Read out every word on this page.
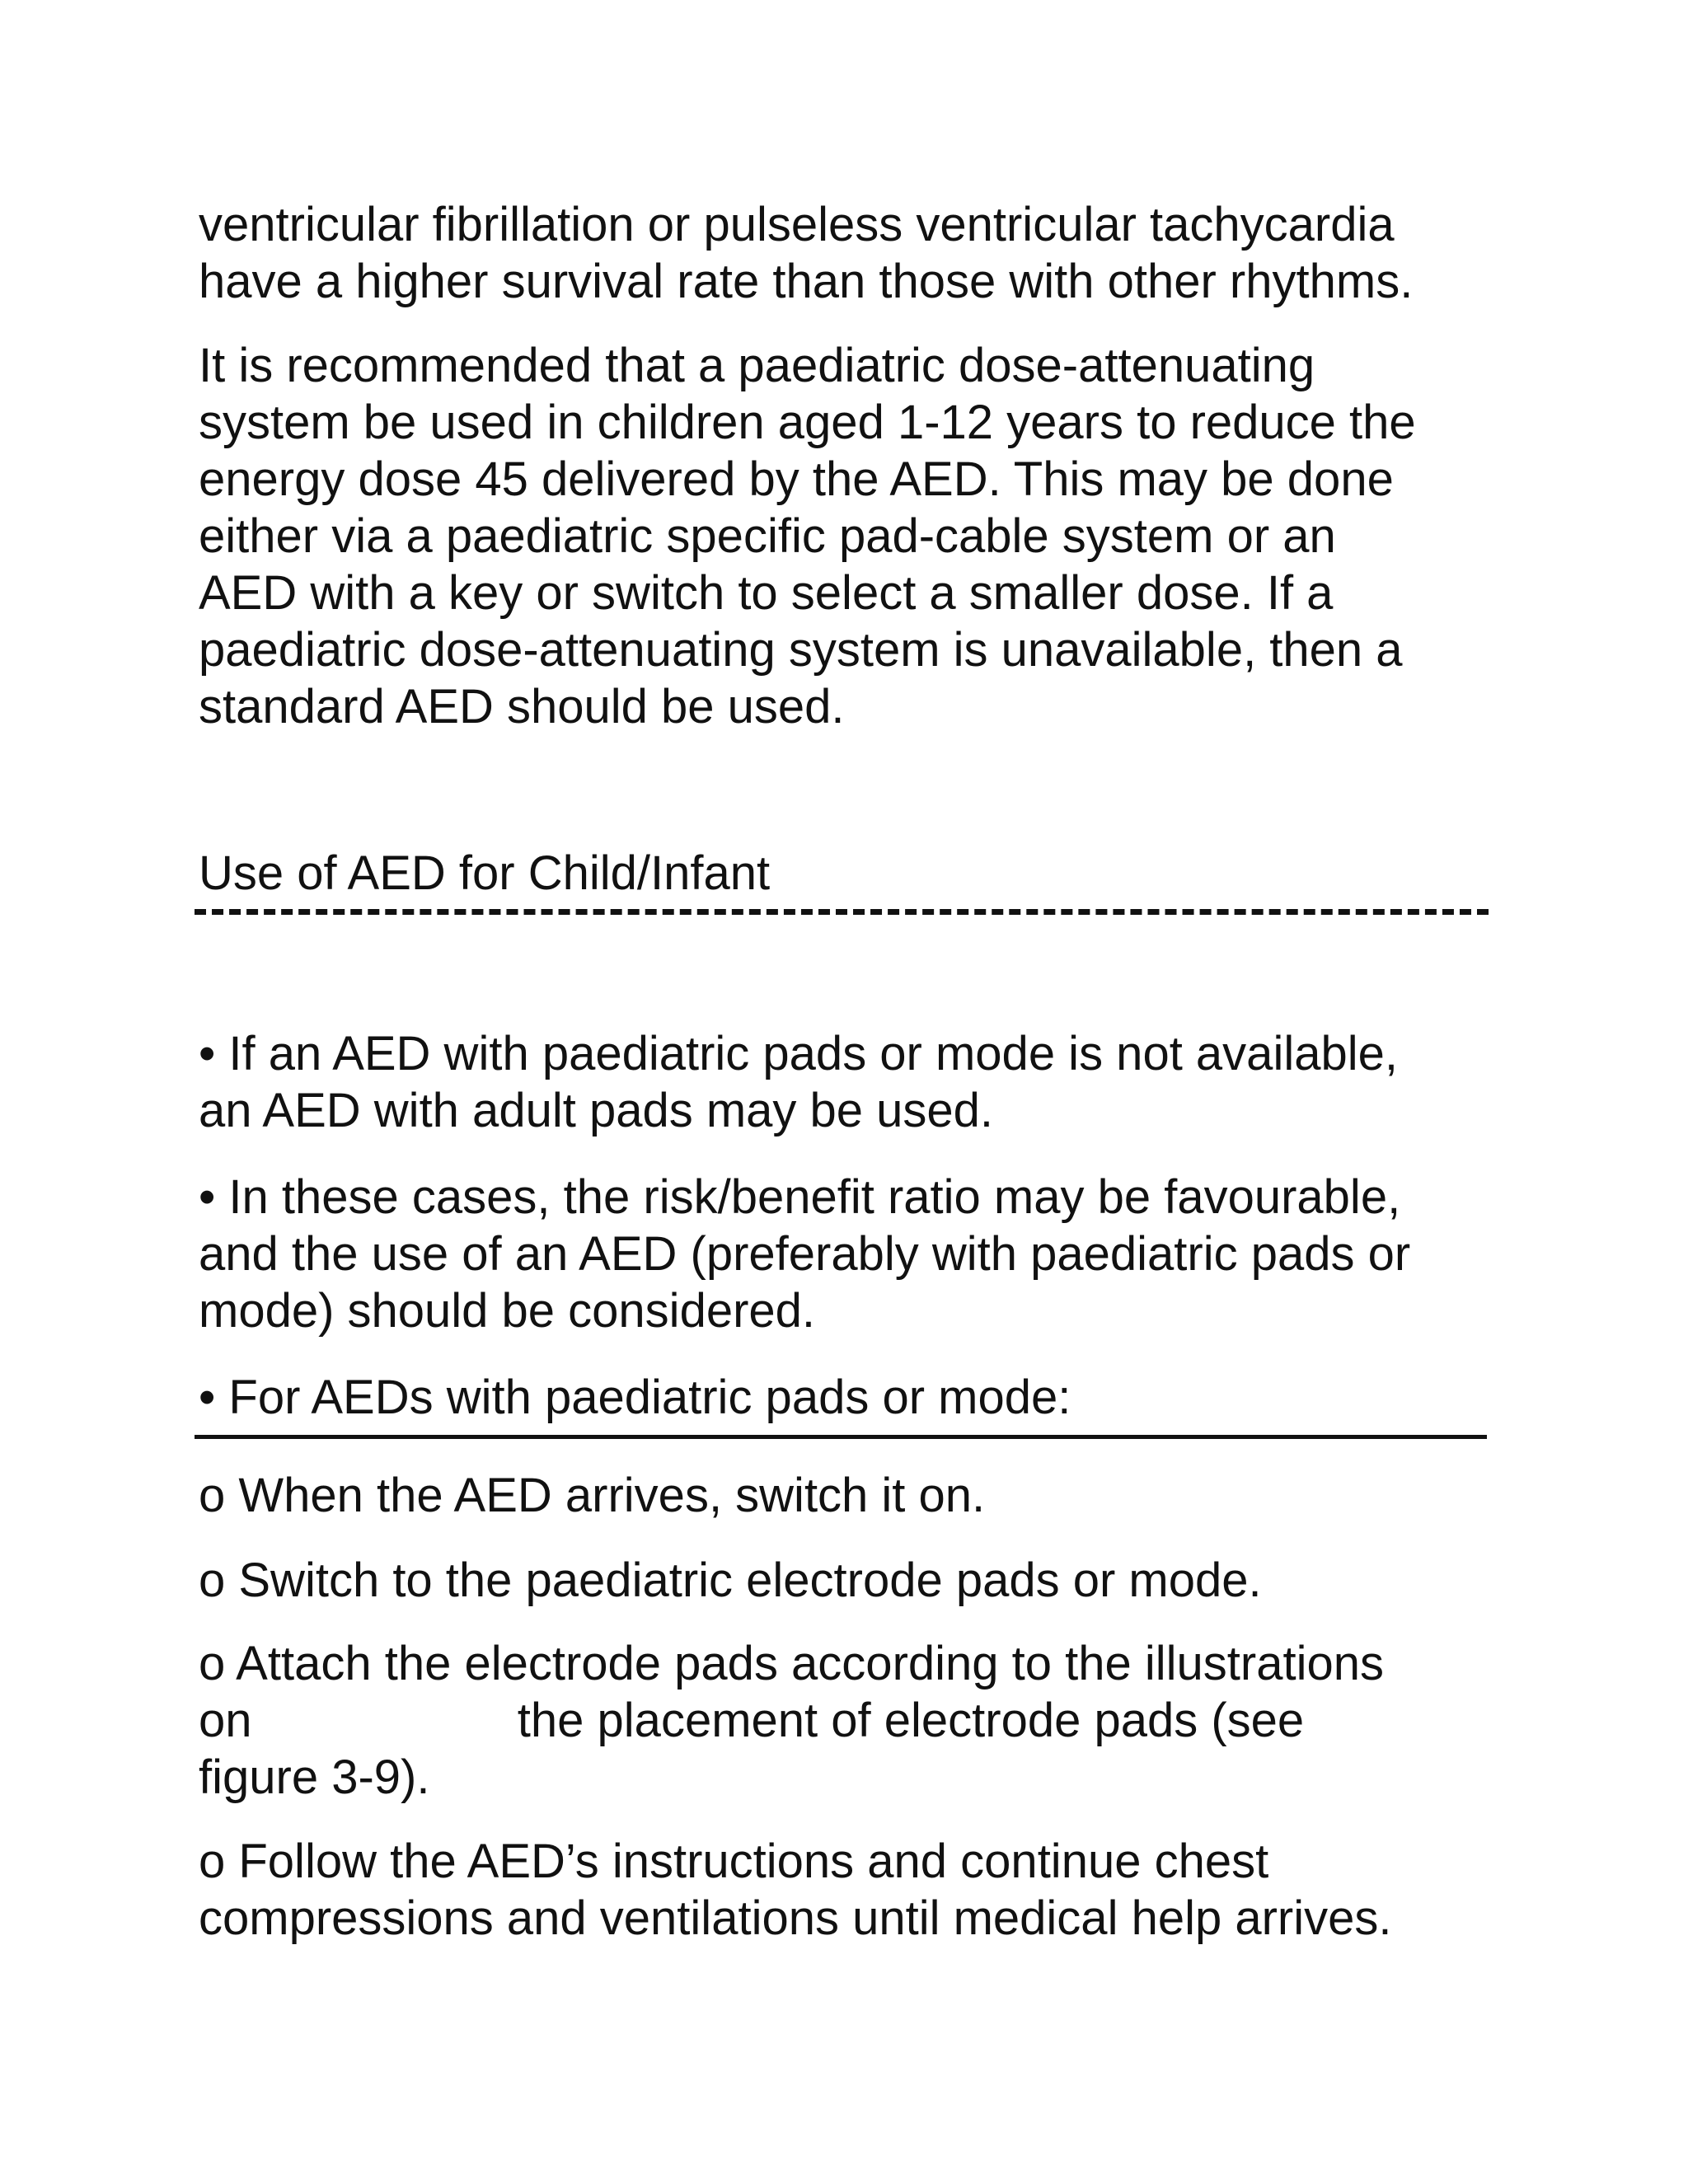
ventricular fibrillation or pulseless ventricular tachycardia
have a higher survival rate than those with other rhythms.
It is recommended that a paediatric dose-attenuating
system be used in children aged 1-12 years to reduce the
energy dose 45 delivered by the AED. This may be done
either via a paediatric specific pad-cable system or an
AED with a key or switch to select a smaller dose. If a
paediatric dose-attenuating system is unavailable, then a
standard AED should be used.
Use of AED for Child/Infant
• If an AED with paediatric pads or mode is not available,
an AED with adult pads may be used.
• In these cases, the risk/benefit ratio may be favourable,
and the use of an AED (preferably with paediatric pads or
mode) should be considered.
• For AEDs with paediatric pads or mode:
o When the AED arrives, switch it on.
o Switch to the paediatric electrode pads or mode.
o Attach the electrode pads according to the illustrations
on                    the placement of electrode pads (see
figure 3-9).
o Follow the AED’s instructions and continue chest
compressions and ventilations until medical help arrives.
